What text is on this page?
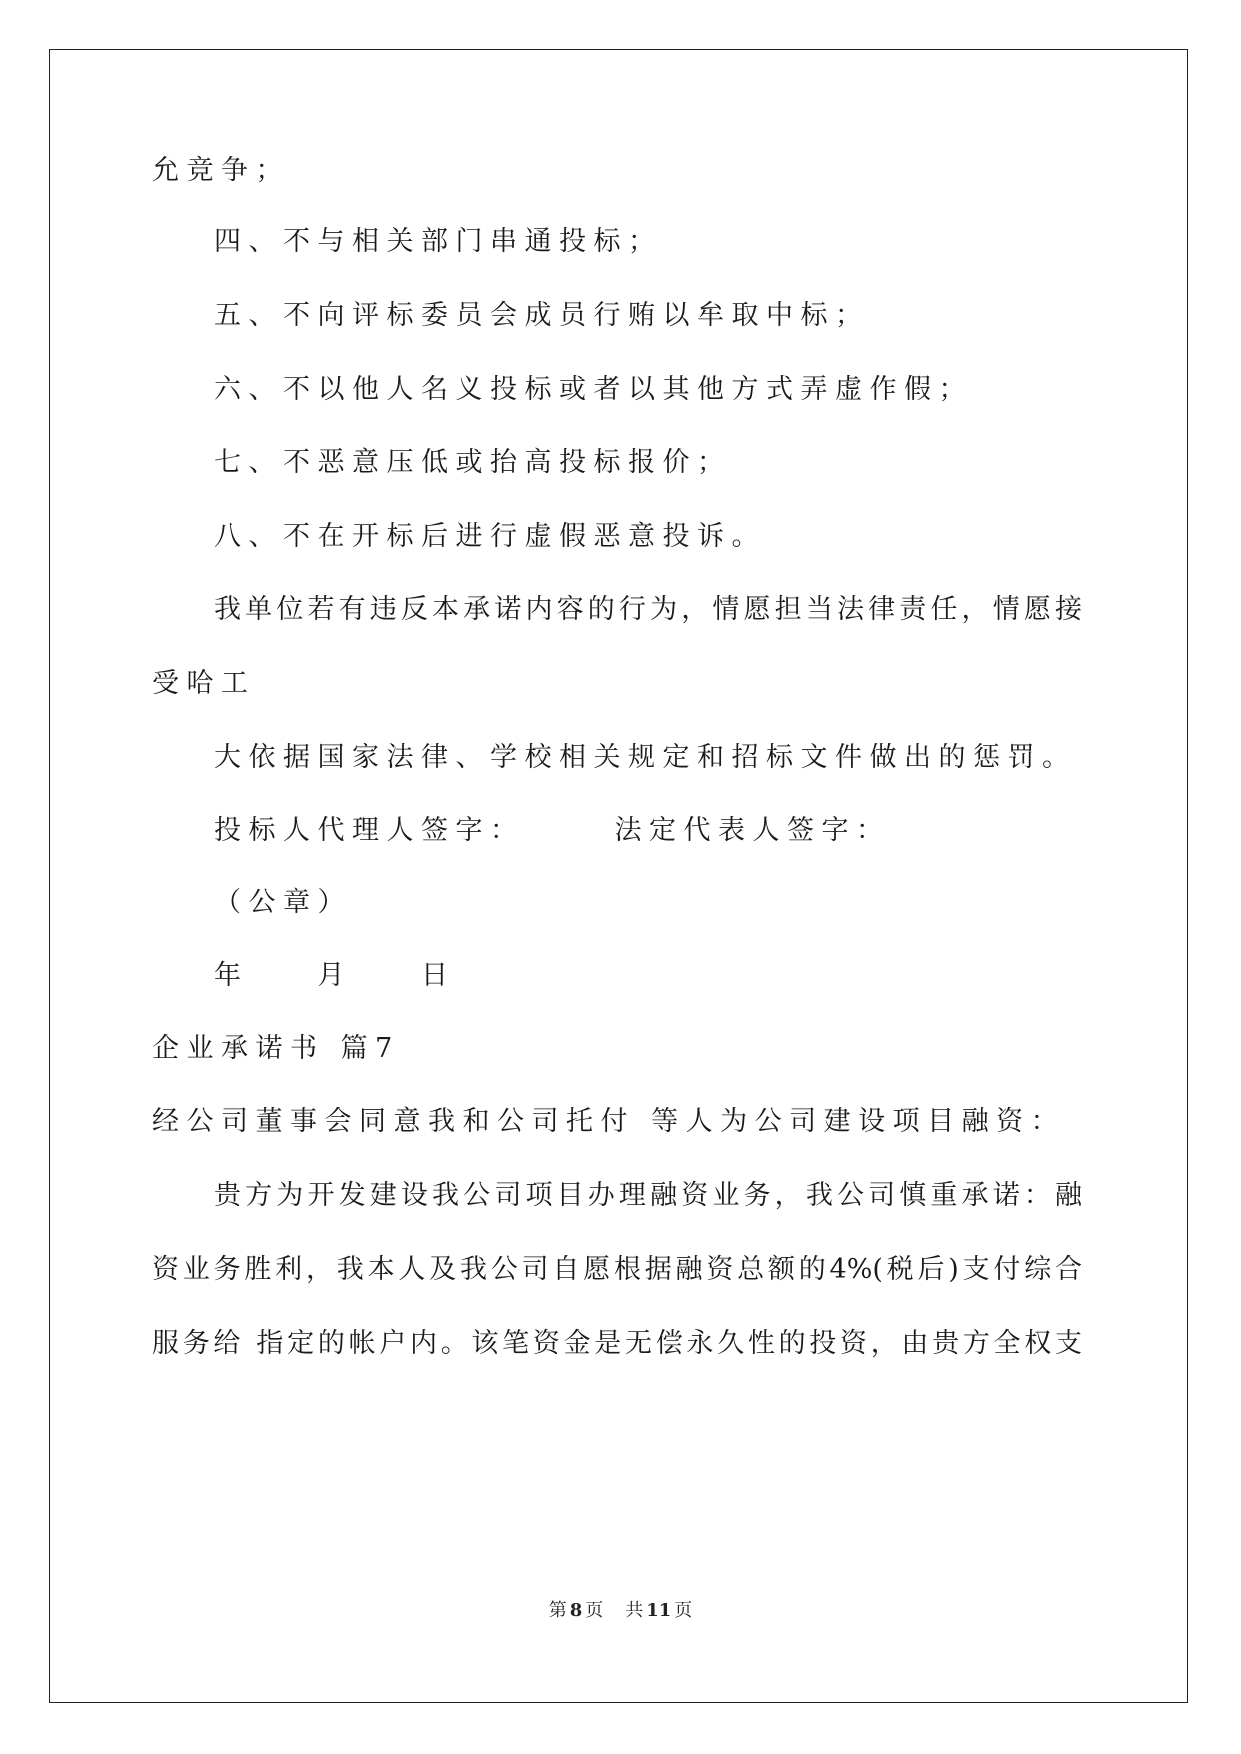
允竞争；
四、不与相关部门串通投标；
五、不向评标委员会成员行贿以牟取中标；
六、不以他人名义投标或者以其他方式弄虚作假；
七、不恶意压低或抬高投标报价；
八、不在开标后进行虚假恶意投诉。
我单位若有违反本承诺内容的行为，情愿担当法律责任，情愿接
受哈工
大依据国家法律、学校相关规定和招标文件做出的惩罚。
投标人代理人签字：　　　法定代表人签字：
（公章）
年　　月　　日
企业承诺书 篇7
经公司董事会同意我和公司托付 等人为公司建设项目融资：
贵方为开发建设我公司项目办理融资业务，我公司慎重承诺：融
资业务胜利，我本人及我公司自愿根据融资总额的4%(税后)支付综合
服务给 指定的帐户内。该笔资金是无偿永久性的投资，由贵方全权支
第 8 页 共 11 页
